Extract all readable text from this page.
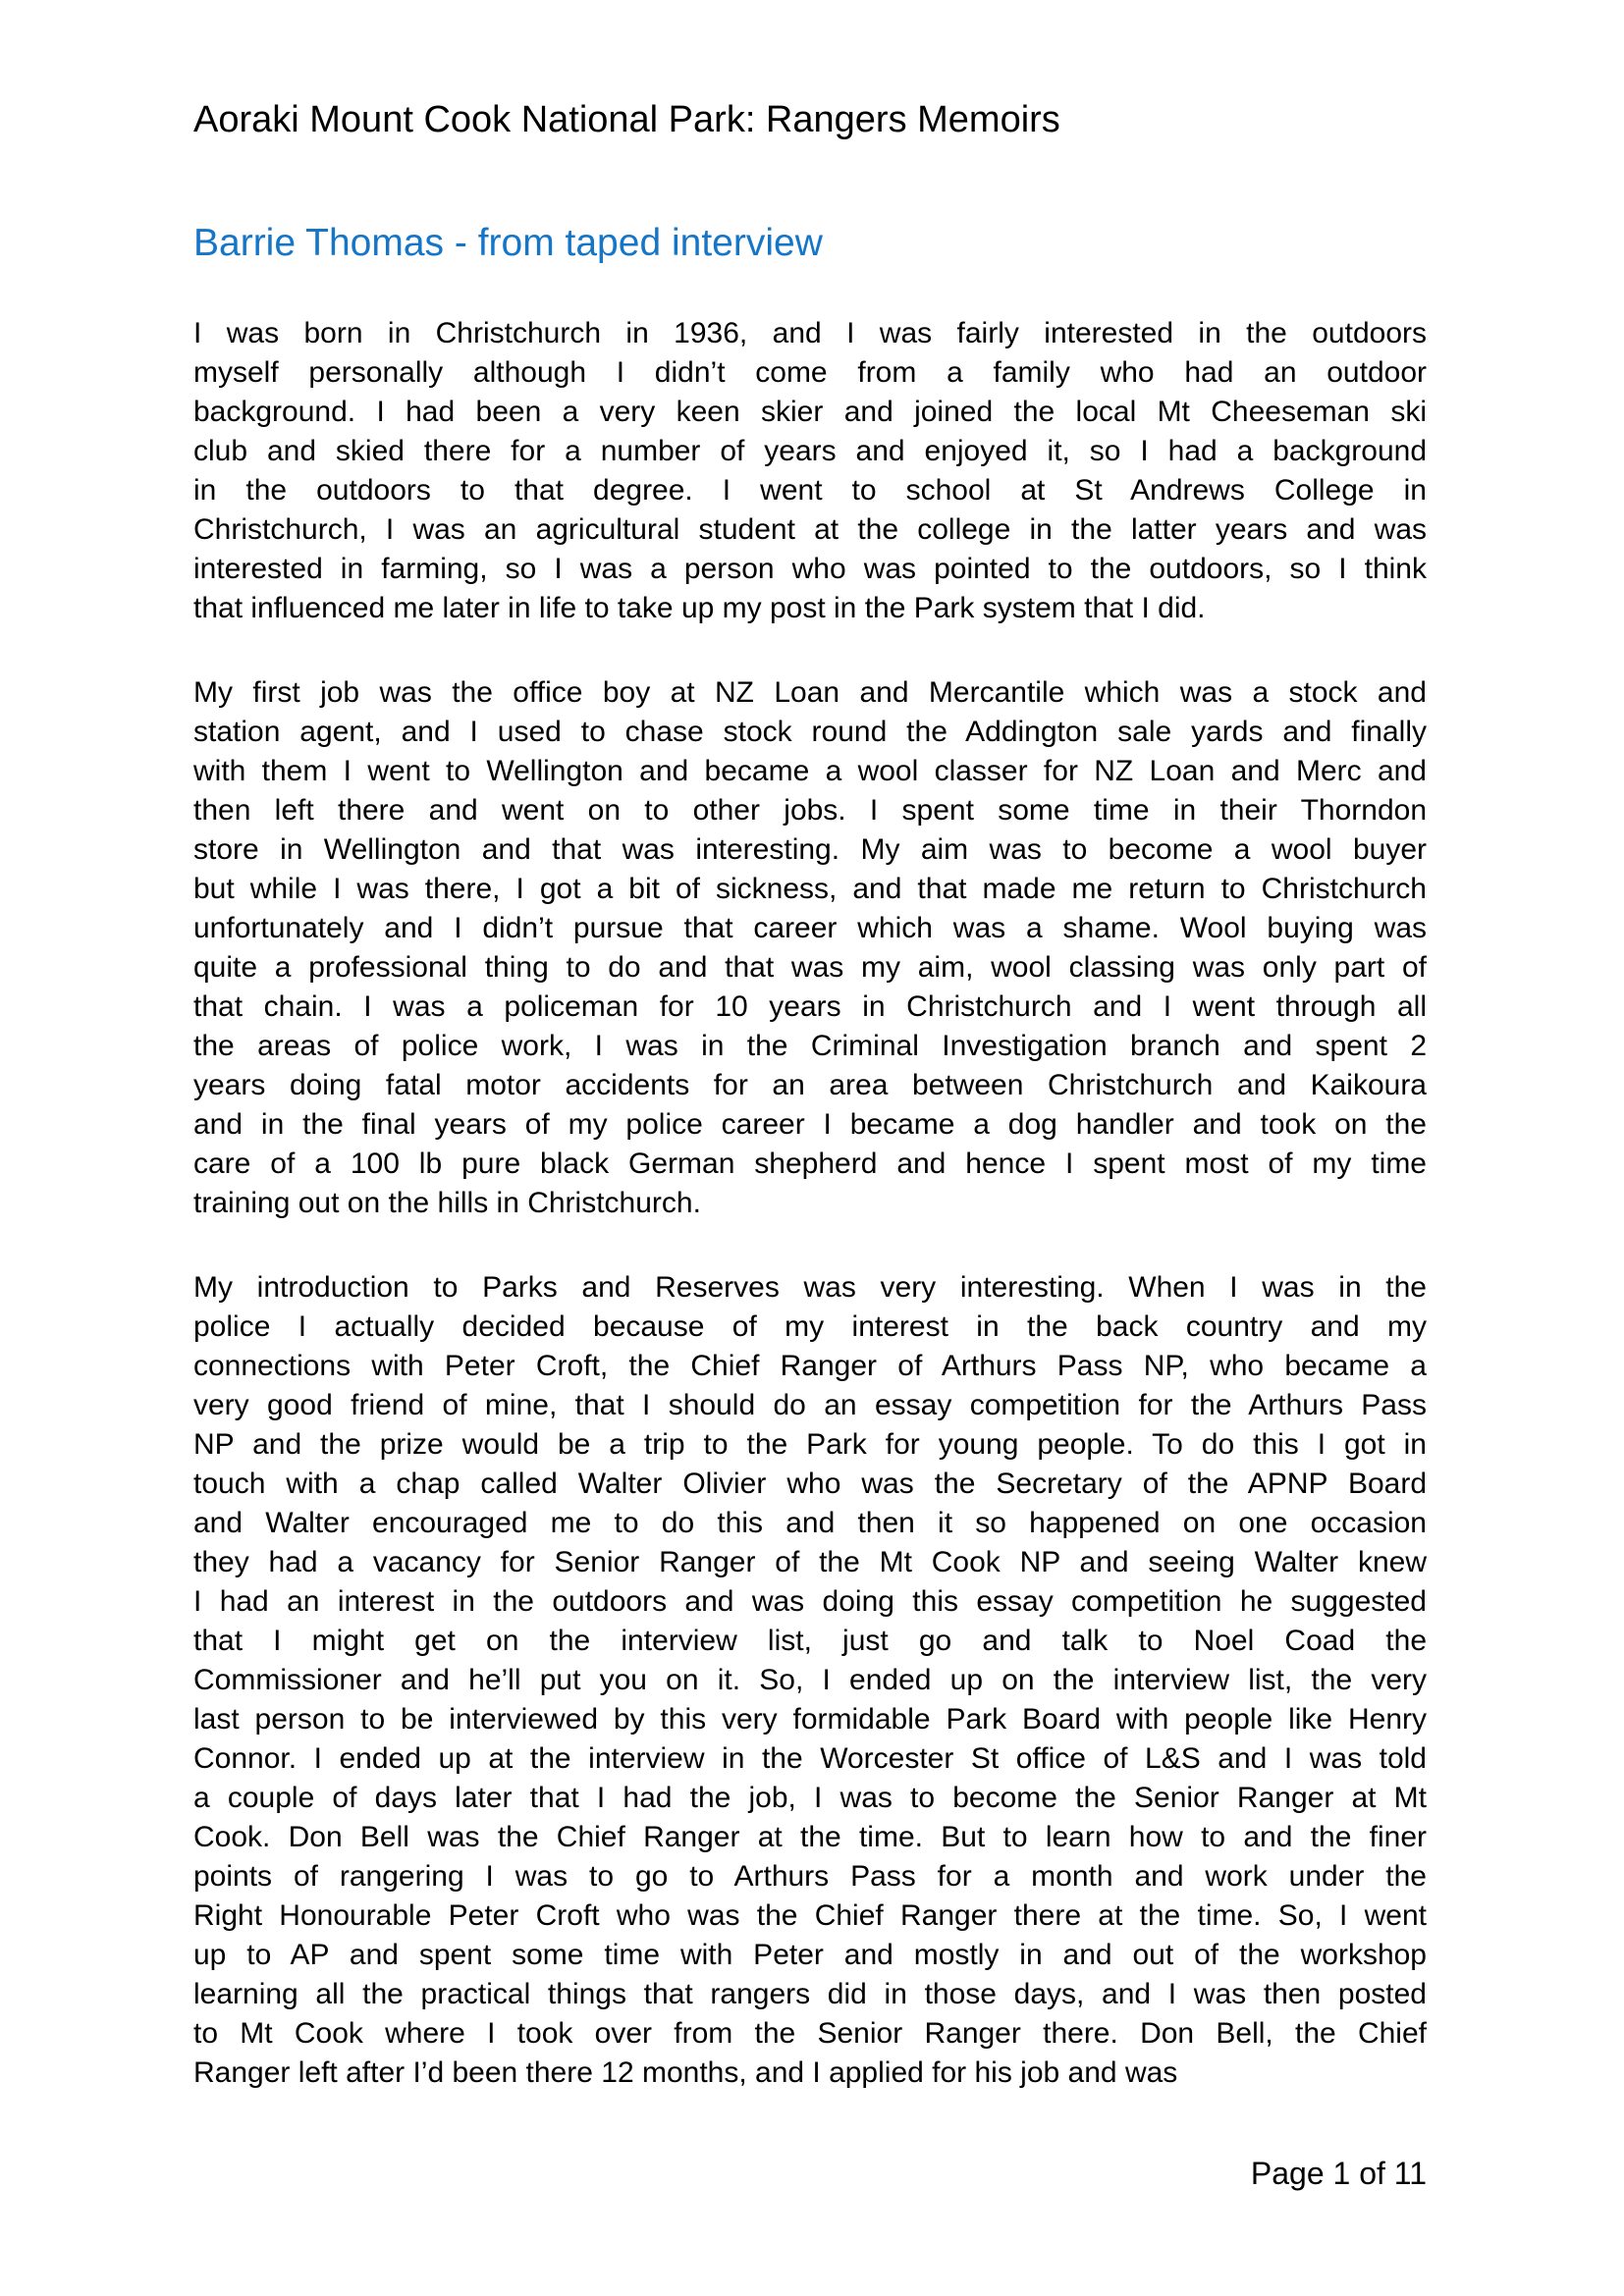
Aoraki Mount Cook National Park: Rangers Memoirs
Barrie Thomas - from taped interview
I was born in Christchurch in 1936, and I was fairly interested in the outdoors
myself personally although I didn’t come from a family who had an outdoor
background. I had been a very keen skier and joined the local Mt Cheeseman ski
club and skied there for a number of years and enjoyed it, so I had a background
in the outdoors to that degree. I went to school at St Andrews College in
Christchurch, I was an agricultural student at the college in the latter years and was
interested in farming, so I was a person who was pointed to the outdoors, so I think
that influenced me later in life to take up my post in the Park system that I did.
My first job was the office boy at NZ Loan and Mercantile which was a stock and
station agent, and I used to chase stock round the Addington sale yards and finally
with them I went to Wellington and became a wool classer for NZ Loan and Merc and
then left there and went on to other jobs. I spent some time in their Thorndon
store in Wellington and that was interesting. My aim was to become a wool buyer
but while I was there, I got a bit of sickness, and that made me return to Christchurch
unfortunately and I didn’t pursue that career which was a shame. Wool buying was
quite a professional thing to do and that was my aim, wool classing was only part of
that chain. I was a policeman for 10 years in Christchurch and I went through all
the areas of police work, I was in the Criminal Investigation branch and spent 2
years doing fatal motor accidents for an area between Christchurch and Kaikoura
and in the final years of my police career I became a dog handler and took on the
care of a 100 lb pure black German shepherd and hence I spent most of my time
training out on the hills in Christchurch.
My introduction to Parks and Reserves was very interesting. When I was in the
police I actually decided because of my interest in the back country and my
connections with Peter Croft, the Chief Ranger of Arthurs Pass NP, who became a
very good friend of mine, that I should do an essay competition for the Arthurs Pass
NP and the prize would be a trip to the Park for young people. To do this I got in
touch with a chap called Walter Olivier who was the Secretary of the APNP Board
and Walter encouraged me to do this and then it so happened on one occasion
they had a vacancy for Senior Ranger of the Mt Cook NP and seeing Walter knew
I had an interest in the outdoors and was doing this essay competition he suggested
that I might get on the interview list, just go and talk to Noel Coad the
Commissioner and he’ll put you on it. So, I ended up on the interview list, the very
last person to be interviewed by this very formidable Park Board with people like Henry
Connor. I ended up at the interview in the Worcester St office of L&S and I was told
a couple of days later that I had the job, I was to become the Senior Ranger at Mt
Cook. Don Bell was the Chief Ranger at the time. But to learn how to and the finer
points of rangering I was to go to Arthurs Pass for a month and work under the
Right Honourable Peter Croft who was the Chief Ranger there at the time. So, I went
up to AP and spent some time with Peter and mostly in and out of the workshop
learning all the practical things that rangers did in those days, and I was then posted
to Mt Cook where I took over from the Senior Ranger there. Don Bell, the Chief
Ranger left after I’d been there 12 months, and I applied for his job and was
Page 1 of 11
